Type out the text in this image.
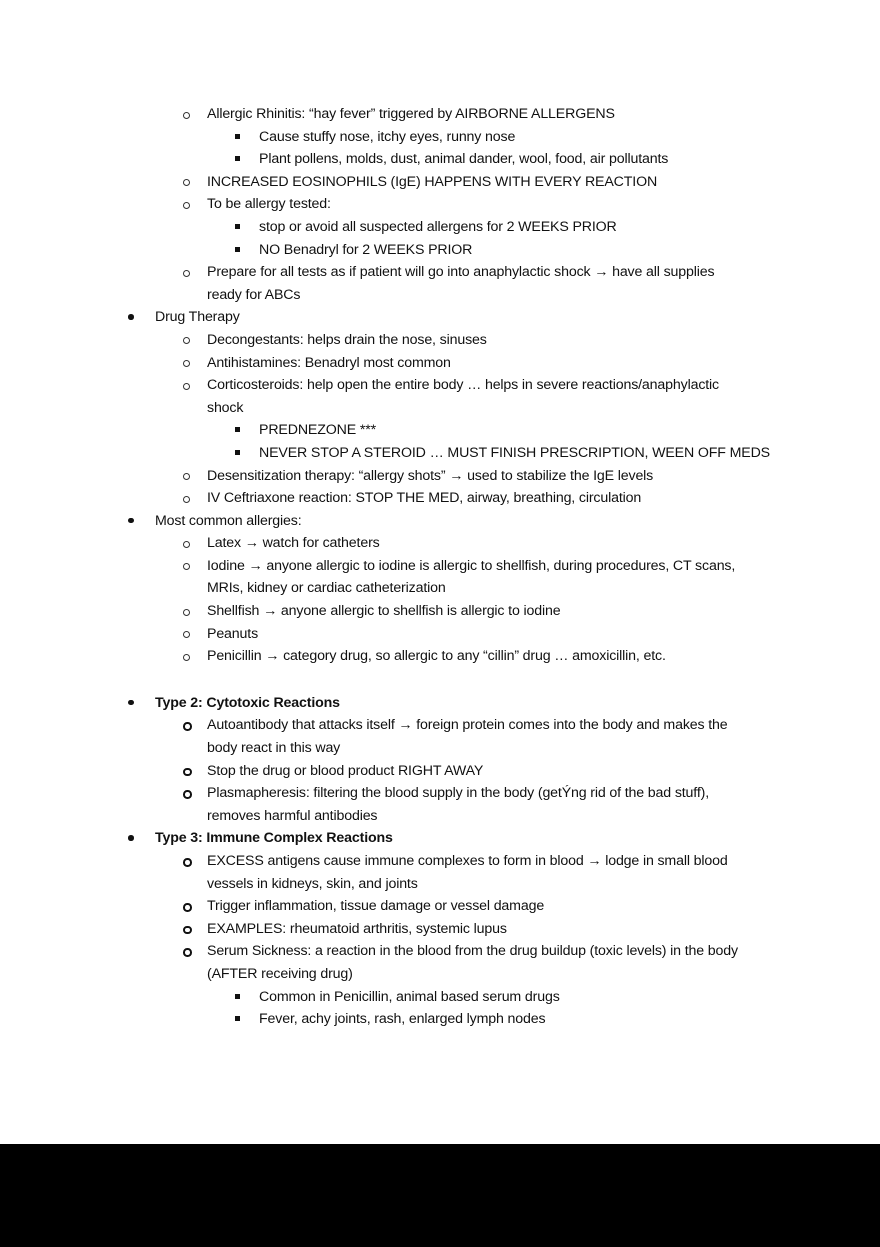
Allergic Rhinitis: “hay fever” triggered by AIRBORNE ALLERGENS
Cause stuffy nose, itchy eyes, runny nose
Plant pollens, molds, dust, animal dander, wool, food, air pollutants
INCREASED EOSINOPHILS (IgE) HAPPENS WITH EVERY REACTION
To be allergy tested:
stop or avoid all suspected allergens for 2 WEEKS PRIOR
NO Benadryl for 2 WEEKS PRIOR
Prepare for all tests as if patient will go into anaphylactic shock → have all supplies
ready for ABCs
Drug Therapy
Decongestants: helps drain the nose, sinuses
Antihistamines: Benadryl most common
Corticosteroids: help open the entire body … helps in severe reactions/anaphylactic
shock
PREDNEZONE ***
NEVER STOP A STEROID … MUST FINISH PRESCRIPTION, WEEN OFF MEDS
Desensitization therapy: “allergy shots” → used to stabilize the IgE levels
IV Ceftriaxone reaction: STOP THE MED, airway, breathing, circulation
Most common allergies:
Latex → watch for catheters
Iodine → anyone allergic to iodine is allergic to shellfish, during procedures, CT scans,
MRIs, kidney or cardiac catheterization
Shellfish → anyone allergic to shellfish is allergic to iodine
Peanuts
Penicillin → category drug, so allergic to any “cillin” drug … amoxicillin, etc.
Type 2: Cytotoxic Reactions
Autoantibody that attacks itself → foreign protein comes into the body and makes the
body react in this way
Stop the drug or blood product RIGHT AWAY
Plasmapheresis: filtering the blood supply in the body (getÝng rid of the bad stuff),
removes harmful antibodies
Type 3: Immune Complex Reactions
EXCESS antigens cause immune complexes to form in blood → lodge in small blood
vessels in kidneys, skin, and joints
Trigger inflammation, tissue damage or vessel damage
EXAMPLES: rheumatoid arthritis, systemic lupus
Serum Sickness: a reaction in the blood from the drug buildup (toxic levels) in the body
(AFTER receiving drug)
Common in Penicillin, animal based serum drugs
Fever, achy joints, rash, enlarged lymph nodes
